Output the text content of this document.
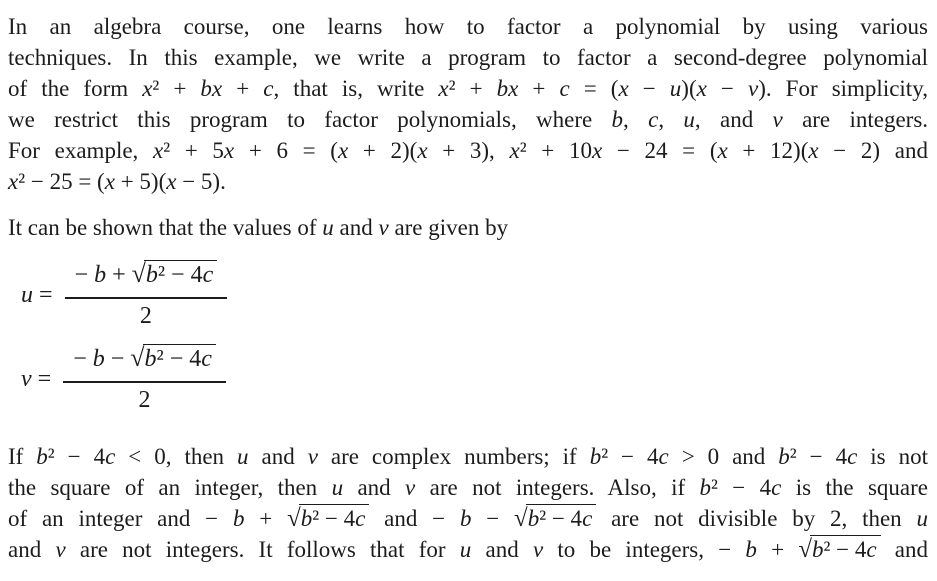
In an algebra course, one learns how to factor a polynomial by using various
techniques. In this example, we write a program to factor a second-degree polynomial
of the form x² + bx + c, that is, write x² + bx + c = (x − u)(x − v). For simplicity,
we restrict this program to factor polynomials, where b, c, u, and v are integers.
For example, x² + 5x + 6 = (x + 2)(x + 3), x² + 10x − 24 = (x + 12)(x − 2) and
x² − 25 = (x + 5)(x − 5).
It can be shown that the values of u and v are given by
$u = \frac{\text{− b + √b² − 4c}}{2}$
$v = \frac{\text{− b − √b² − 4c}}{2}$
If b² − 4c < 0, then u and v are complex numbers; if b² − 4c > 0 and b² − 4c is not
the square of an integer, then u and v are not integers. Also, if b² − 4c is the square
of an integer and − b + √b² − 4c and − b − √b² − 4c are not divisible by 2, then u
and v are not integers. It follows that for u and v to be integers, − b + √b² − 4c and
